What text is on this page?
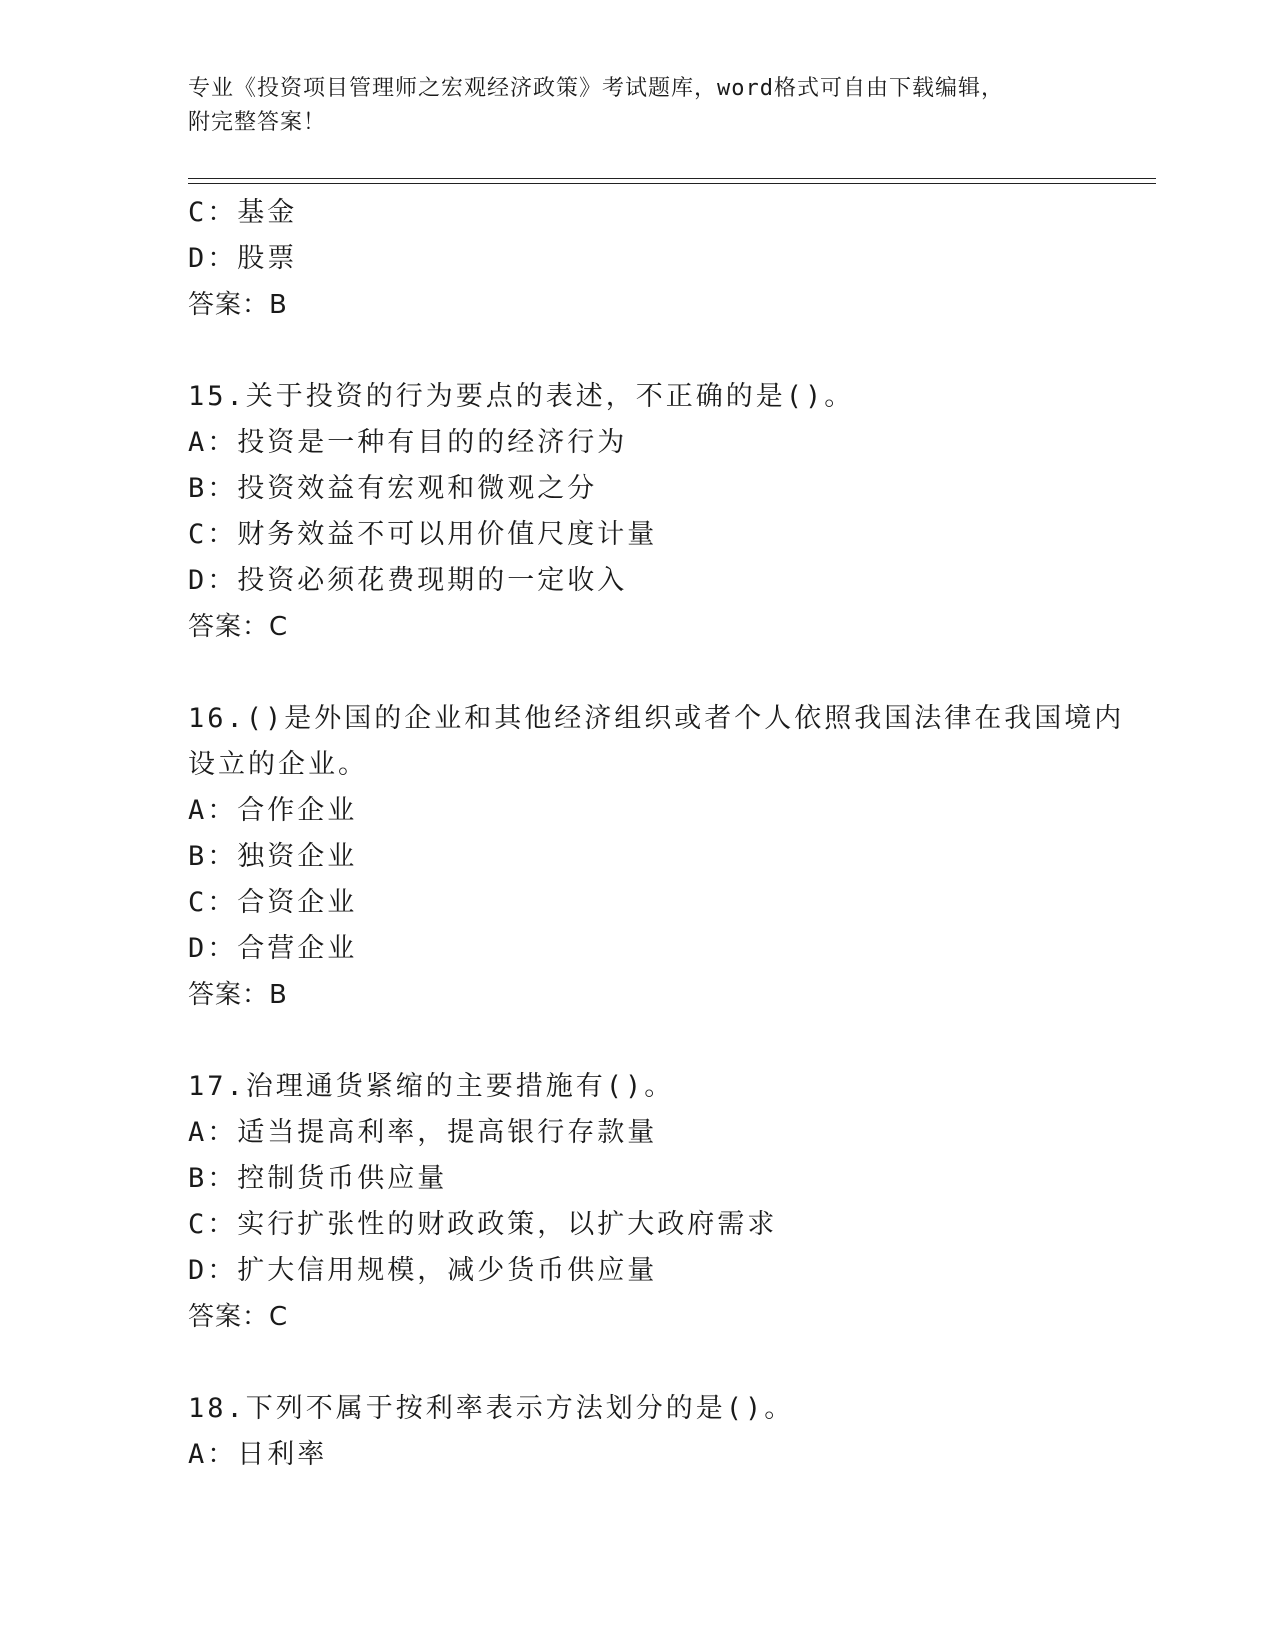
专业《投资项目管理师之宏观经济政策》考试题库，word格式可自由下载编辑，
附完整答案！
C：基金
D：股票
答案：B
15.关于投资的行为要点的表述，不正确的是()。
A：投资是一种有目的的经济行为
B：投资效益有宏观和微观之分
C：财务效益不可以用价值尺度计量
D：投资必须花费现期的一定收入
答案：C
16.()是外国的企业和其他经济组织或者个人依照我国法律在我国境内
设立的企业。
A：合作企业
B：独资企业
C：合资企业
D：合营企业
答案：B
17.治理通货紧缩的主要措施有()。
A：适当提高利率，提高银行存款量
B：控制货币供应量
C：实行扩张性的财政政策，以扩大政府需求
D：扩大信用规模，减少货币供应量
答案：C
18.下列不属于按利率表示方法划分的是()。
A：日利率
